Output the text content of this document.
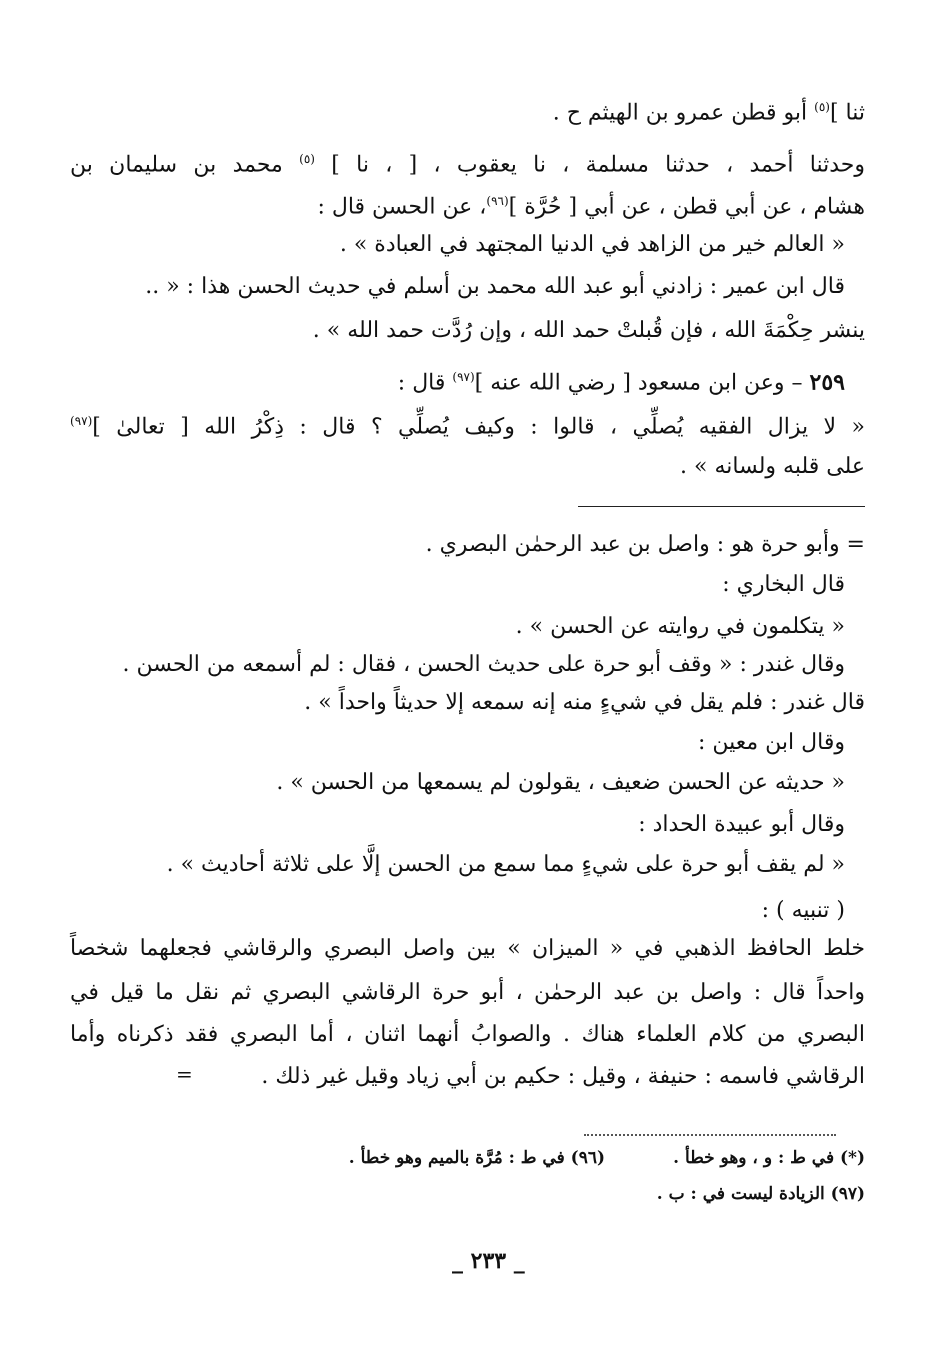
ثنا ]$^{(٥)}$ أبو قطن عمرو بن الهيثم ح .
وحدثنا أحمد ، حدثنا مسلمة ، نا يعقوب ، [ ، نا ] $^{(٥)}$ محمد بن سليمان بن
هشام ، عن أبي قطن ، عن أبي [ حُرَّة ]$^{(٩٦)}$، عن الحسن قال :
« العالم خير من الزاهد في الدنيا المجتهد في العبادة » .
قال ابن عمير : زادني أبو عبد الله محمد بن أسلم في حديث الحسن هذا : « ..
ينشر حِكْمَةَ الله ، فإن قُبلتْ حمد الله ، وإن رُدَّت حمد الله » .
٢٥٩ – وعن ابن مسعود [ رضي الله عنه ]$^{(٩٧)}$ قال :
« لا يزال الفقيه يُصلِّي ، قالوا : وكيف يُصلِّي ؟ قال : ذِكْرُ الله [ تعالىٰ ]$^{(٩٧)}$
على قلبه ولسانه » .
= وأبو حرة هو : واصل بن عبد الرحمٰن البصري .
قال البخاري :
« يتكلمون في روايته عن الحسن » .
وقال غندر : « وقف أبو حرة على حديث الحسن ، فقال : لم أسمعه من الحسن .
قال غندر : فلم يقل في شيءٍ منه إنه سمعه إلا حديثاً واحداً » .
وقال ابن معين :
« حديثه عن الحسن ضعيف ، يقولون لم يسمعها من الحسن » .
وقال أبو عبيدة الحداد :
« لم يقف أبو حرة على شيءٍ مما سمع من الحسن إلَّا على ثلاثة أحاديث » .
( تنبيه ) :
خلط الحافظ الذهبي في « الميزان » بين واصل البصري والرقاشي فجعلهما شخصاً
واحداً قال : واصل بن عبد الرحمٰن ، أبو حرة الرقاشي البصري ثم نقل ما قيل في
البصري من كلام العلماء هناك . والصوابُ أنهما اثنان ، أما البصري فقد ذكرناه وأما
الرقاشي فاسمه : حنيفة ، وقيل : حكيم بن أبي زياد وقيل غير ذلك .
=
(*) في ط : و ، وهو خطأ .
(٩٦) في ط : مُرَّة بالميم وهو خطأ .
(٩٧) الزيادة ليست في : ب .
_ ٢٣٣ _
